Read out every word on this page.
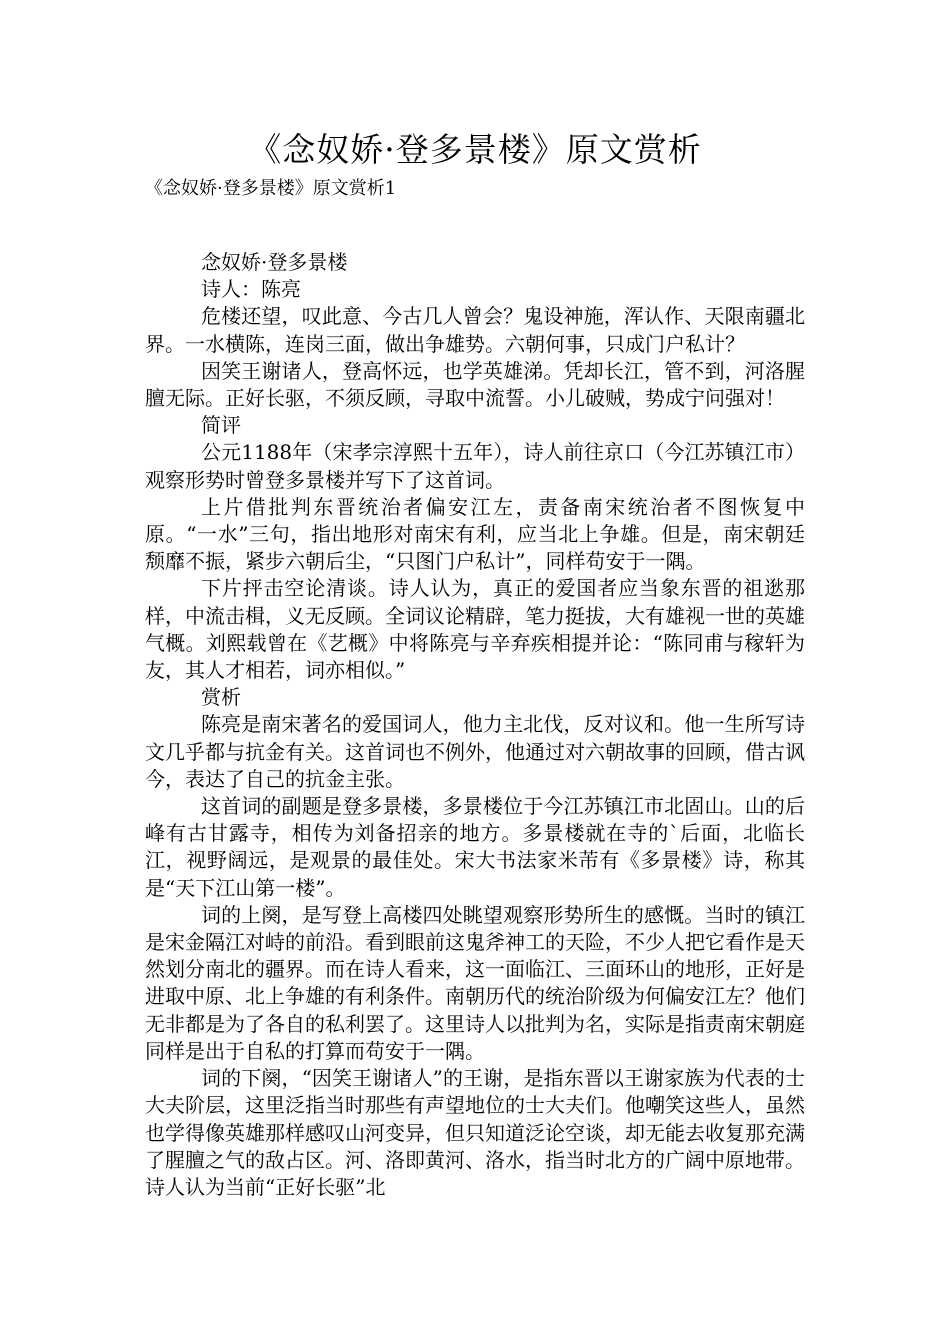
《念奴娇·登多景楼》原文赏析
《念奴娇·登多景楼》原文赏析1

念奴娇·登多景楼

诗人：陈亮

危楼还望，叹此意、今古几人曾会？鬼设神施，浑认作、天限南疆北界。一水横陈，连岗三面，做出争雄势。六朝何事，只成门户私计？

因笑王谢诸人，登高怀远，也学英雄涕。凭却长江，管不到，河洛腥膻无际。正好长驱，不须反顾，寻取中流誓。小儿破贼，势成宁问强对！

简评

公元1188年（宋孝宗淳熙十五年），诗人前往京口（今江苏镇江市）观察形势时曾登多景楼并写下了这首词。

上片借批判东晋统治者偏安江左，责备南宋统治者不图恢复中原。“一水”三句，指出地形对南宋有利，应当北上争雄。但是，南宋朝廷颓靡不振，紧步六朝后尘，“只图门户私计”，同样苟安于一隅。

下片抨击空论清谈。诗人认为，真正的爱国者应当象东晋的祖逖那样，中流击楫，义无反顾。全词议论精辟，笔力挺拔，大有雄视一世的英雄气概。刘熙载曾在《艺概》中将陈亮与辛弃疾相提并论：“陈同甫与稼轩为友，其人才相若，词亦相似。”

赏析

陈亮是南宋著名的爱国词人，他力主北伐，反对议和。他一生所写诗文几乎都与抗金有关。这首词也不例外，他通过对六朝故事的回顾，借古讽今，表达了自己的抗金主张。

这首词的副题是登多景楼，多景楼位于今江苏镇江市北固山。山的后峰有古甘露寺，相传为刘备招亲的地方。多景楼就在寺的`后面，北临长江，视野阔远，是观景的最佳处。宋大书法家米芾有《多景楼》诗，称其是“天下江山第一楼”。

词的上阕，是写登上高楼四处眺望观察形势所生的感慨。当时的镇江是宋金隔江对峙的前沿。看到眼前这鬼斧神工的天险，不少人把它看作是天然划分南北的疆界。而在诗人看来，这一面临江、三面环山的地形，正好是进取中原、北上争雄的有利条件。南朝历代的统治阶级为何偏安江左？他们无非都是为了各自的私利罢了。这里诗人以批判为名，实际是指责南宋朝庭同样是出于自私的打算而苟安于一隅。

词的下阕，“因笑王谢诸人”的王谢，是指东晋以王谢家族为代表的士大夫阶层，这里泛指当时那些有声望地位的士大夫们。他嘲笑这些人，虽然也学得像英雄那样感叹山河变异，但只知道泛论空谈，却无能去收复那充满了腥膻之气的敌占区。河、洛即黄河、洛水，指当时北方的广阔中原地带。诗人认为当前“正好长驱”北
